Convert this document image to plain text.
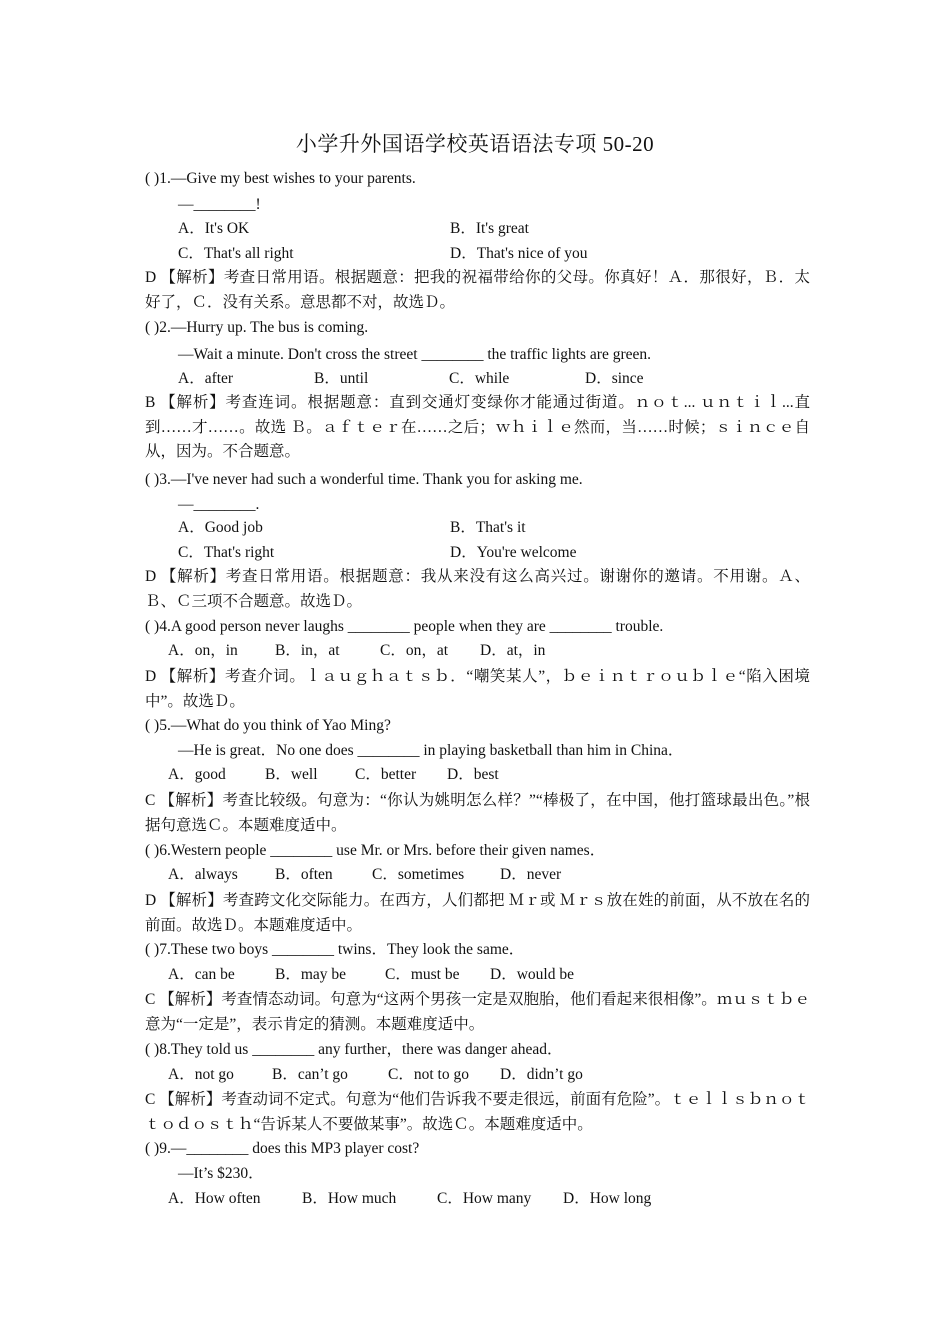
小学升外国语学校英语语法专项 50-20
( )1.—Give my best wishes to your parents.
—________!
A．It's OK	B．It's great
C．That's all right	D．That's nice of you
D 【解析】考查日常用语。根据题意：把我的祝福带给你的父母。你真好！Ａ．那很好，Ｂ．太好了，Ｃ．没有关系。意思都不对，故选Ｄ。
( )2.—Hurry up. The bus is coming.
—Wait a minute. Don't cross the street ________ the traffic lights are green.
A．after	B．until	C．while	D．since
B 【解析】考查连词。根据题意：直到交通灯变绿你才能通过街道。ｎｏｔ... ｕｎｔｉｌ...直到……才……。故选 Ｂ。ａｆｔｅｒ在……之后；ｗｈｉｌｅ然而，当……时候；ｓｉｎｃｅ自从，因为。不合题意。
( )3.—I've never had such a wonderful time. Thank you for asking me.
—________.
A．Good job	B．That's it
C．That's right	D．You're welcome
D 【解析】考查日常用语。根据题意：我从来没有这么高兴过。谢谢你的邀请。不用谢。Ａ、Ｂ、Ｃ三项不合题意。故选Ｄ。
( )4.A good person never laughs ________ people when they are ________ trouble.
A．on，in B．in，at	C．on，at D．at，in
D 【解析】考查介词。ｌａｕｇｈａｔｓｂ．“嘲笑某人”，ｂｅｉｎｔｒｏｕｂｌｅ“陷入困境中”。故选Ｄ。
( )5.—What do you think of Yao Ming?
—He is great．No one does ________ in playing basketball than him in China．
A．good	B．well C．better D．best
C 【解析】考查比较级。句意为：“你认为姚明怎么样？”“棒极了，在中国，他打篮球最出色。”根据句意选Ｃ。本题难度适中。
( )6.Western people ________ use Mr. or Mrs. before their given names．
A．always B．often	C．sometimes D．never
D 【解析】考查跨文化交际能力。在西方，人们都把 Ｍｒ或 Ｍｒｓ放在姓的前面，从不放在名的前面。故选Ｄ。本题难度适中。
( )7.These two boys ________ twins．They look the same．
A．can be	B．may be	C．must be D．would be
C 【解析】考查情态动词。句意为“这两个男孩一定是双胞胎，他们看起来很相像”。ｍｕｓｔｂｅ意为“一定是”，表示肯定的猜测。本题难度适中。
( )8.They told us ________ any further，there was danger ahead．
A．not go B．can’t go	C．not to go D．didn’t go
C 【解析】考查动词不定式。句意为“他们告诉我不要走很远，前面有危险”。ｔｅｌｌｓｂｎｏｔｔｏｄｏｓｔｈ“告诉某人不要做某事”。故选Ｃ。本题难度适中。
( )9.—________ does this MP3 player cost?
—It’s $230．
A．How often	B．How much	C．How many D．How long
